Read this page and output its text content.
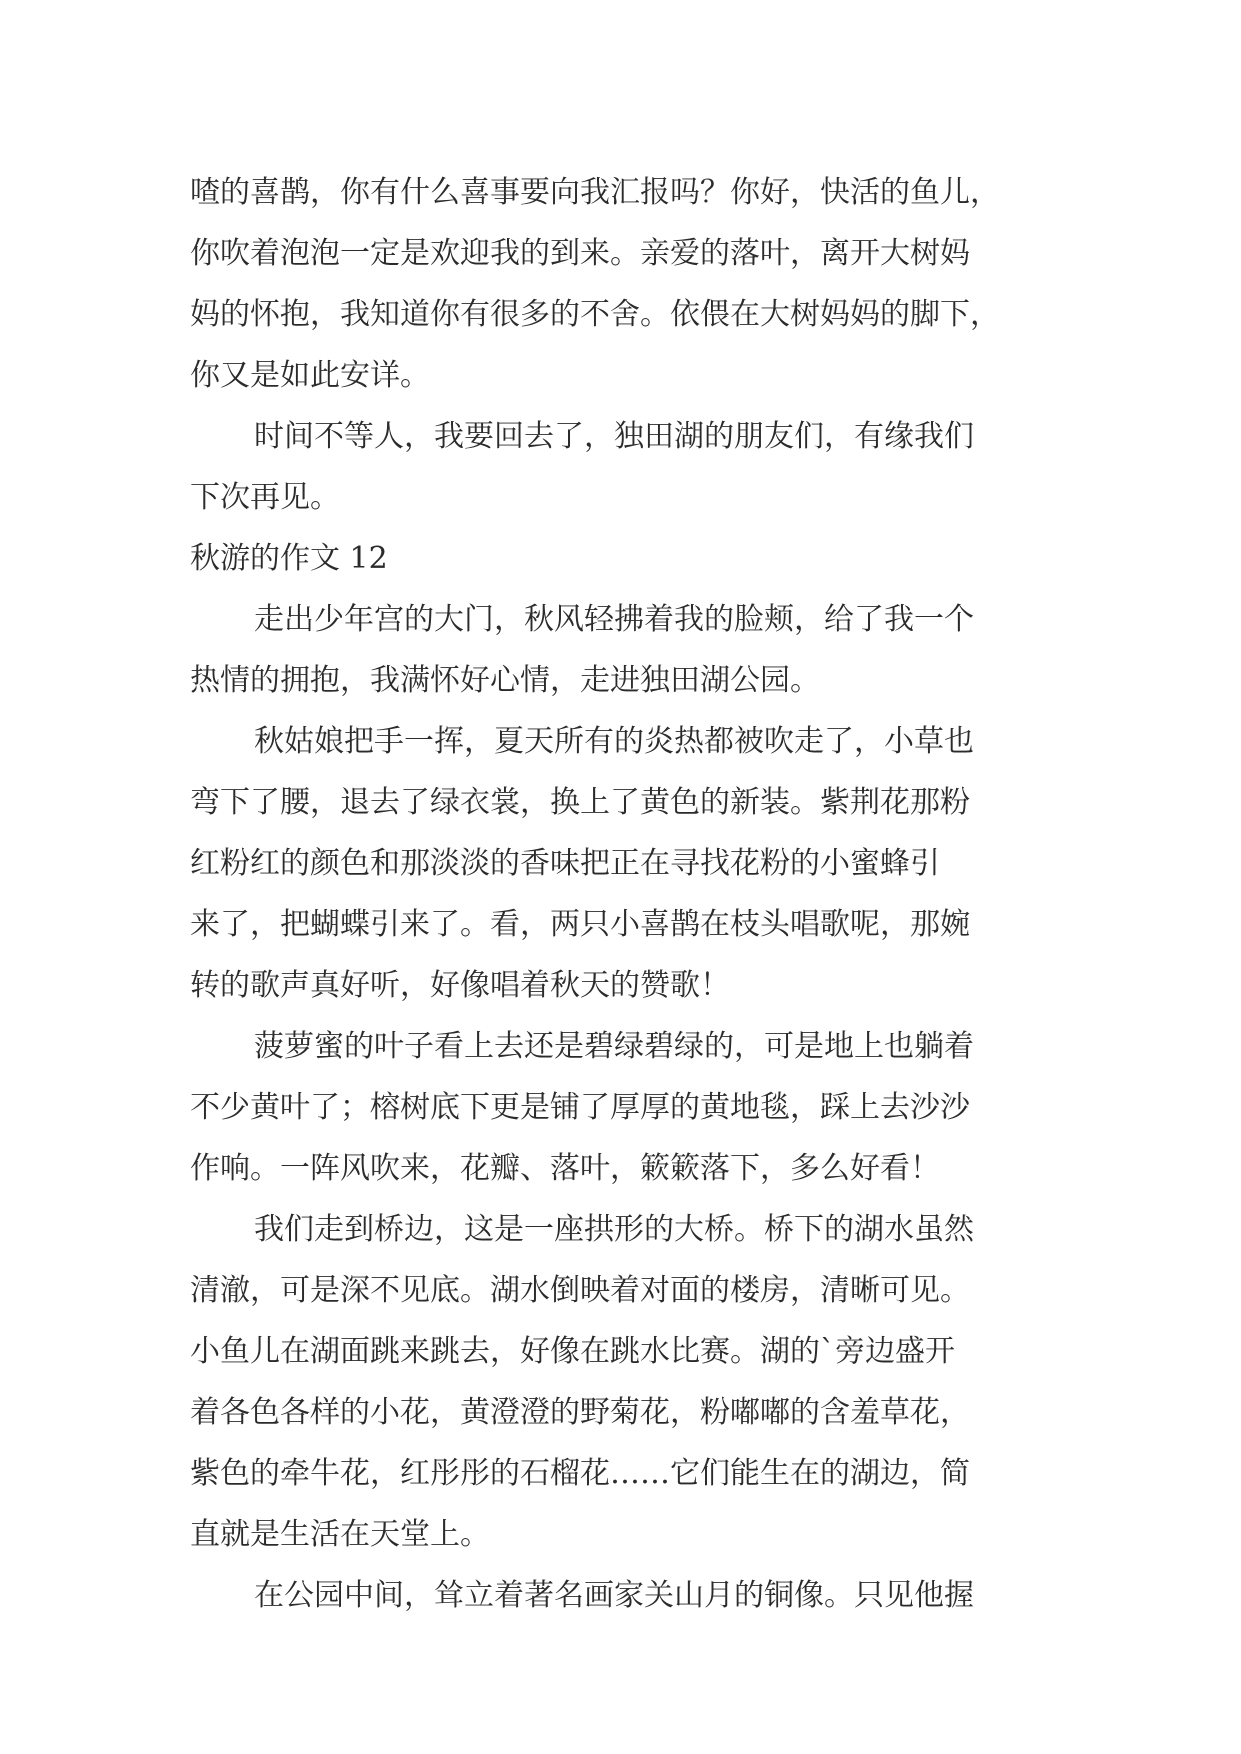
喳的喜鹊，你有什么喜事要向我汇报吗？你好，快活的鱼儿，

你吹着泡泡一定是欢迎我的到来。亲爱的落叶，离开大树妈

妈的怀抱，我知道你有很多的不舍。依偎在大树妈妈的脚下，

你又是如此安详。

时间不等人，我要回去了，独田湖的朋友们，有缘我们

下次再见。

秋游的作文 12

走出少年宫的大门，秋风轻拂着我的脸颊，给了我一个

热情的拥抱，我满怀好心情，走进独田湖公园。

秋姑娘把手一挥，夏天所有的炎热都被吹走了，小草也

弯下了腰，退去了绿衣裳，换上了黄色的新装。紫荆花那粉

红粉红的颜色和那淡淡的香味把正在寻找花粉的小蜜蜂引

来了，把蝴蝶引来了。看，两只小喜鹊在枝头唱歌呢，那婉

转的歌声真好听，好像唱着秋天的赞歌！

菠萝蜜的叶子看上去还是碧绿碧绿的，可是地上也躺着

不少黄叶了；榕树底下更是铺了厚厚的黄地毯，踩上去沙沙

作响。一阵风吹来，花瓣、落叶，簌簌落下，多么好看！

我们走到桥边，这是一座拱形的大桥。桥下的湖水虽然

清澈，可是深不见底。湖水倒映着对面的楼房，清晰可见。

小鱼儿在湖面跳来跳去，好像在跳水比赛。湖的`旁边盛开

着各色各样的小花，黄澄澄的野菊花，粉嘟嘟的含羞草花，

紫色的牵牛花，红彤彤的石榴花……它们能生在的湖边，简

直就是生活在天堂上。

在公园中间，耸立着著名画家关山月的铜像。只见他握
